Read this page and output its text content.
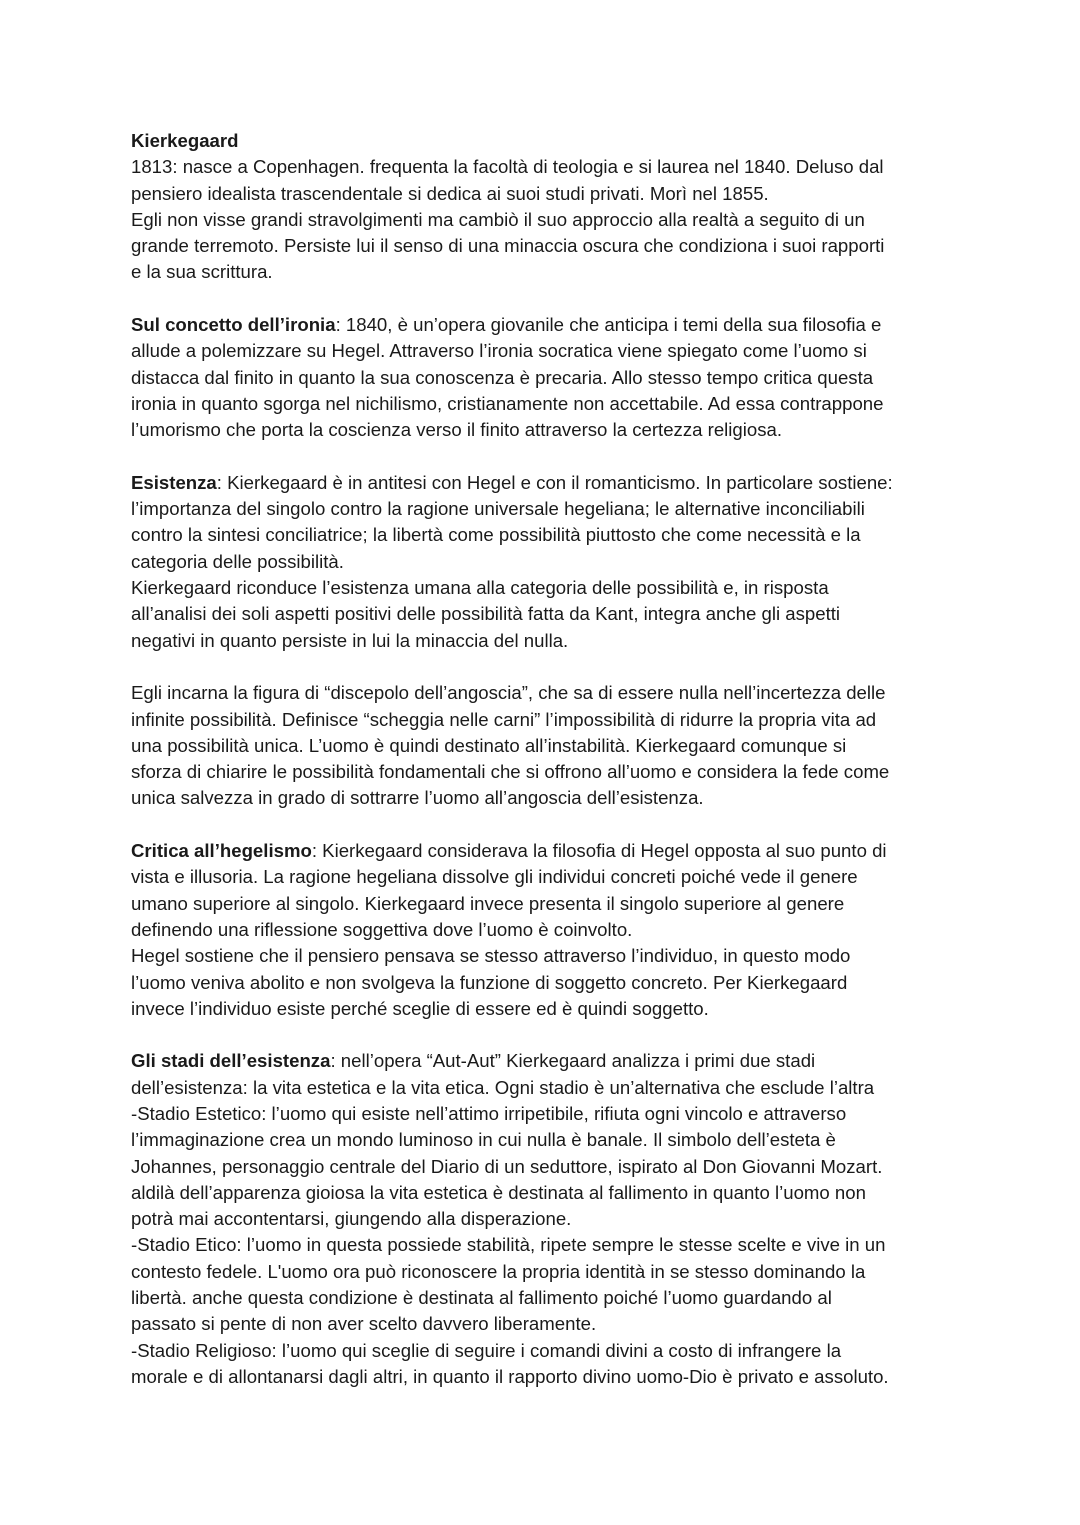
Kierkegaard
1813: nasce a Copenhagen. frequenta la facoltà di teologia e si laurea nel 1840. Deluso dal
pensiero idealista trascendentale si dedica ai suoi studi privati. Morì nel 1855.
Egli non visse grandi stravolgimenti ma cambiò il suo approccio alla realtà a seguito di un
grande terremoto. Persiste lui il senso di una minaccia oscura che condiziona i suoi rapporti
e la sua scrittura.
Sul concetto dell’ironia: 1840, è un’opera giovanile che anticipa i temi della sua filosofia e
allude a polemizzare su Hegel. Attraverso l’ironia socratica viene spiegato come l’uomo si
distacca dal finito in quanto la sua conoscenza è precaria. Allo stesso tempo critica questa
ironia in quanto sgorga nel nichilismo, cristianamente non accettabile. Ad essa contrappone
l’umorismo che porta la coscienza verso il finito attraverso la certezza religiosa.
Esistenza: Kierkegaard è in antitesi con Hegel e con il romanticismo. In particolare sostiene:
l’importanza del singolo contro la ragione universale hegeliana; le alternative inconciliabili
contro la sintesi conciliatrice; la libertà come possibilità piuttosto che come necessità e la
categoria delle possibilità.
Kierkegaard riconduce l’esistenza umana alla categoria delle possibilità e, in risposta
all’analisi dei soli aspetti positivi delle possibilità fatta da Kant, integra anche gli aspetti
negativi in quanto persiste in lui la minaccia del nulla.
Egli incarna la figura di “discepolo dell’angoscia”, che sa di essere nulla nell’incertezza delle
infinite possibilità. Definisce “scheggia nelle carni” l’impossibilità di ridurre la propria vita ad
una possibilità unica. L’uomo è quindi destinato all’instabilità. Kierkegaard comunque si
sforza di chiarire le possibilità fondamentali che si offrono all’uomo e considera la fede come
unica salvezza in grado di sottrarre l’uomo all’angoscia dell’esistenza.
Critica all’hegelismo: Kierkegaard considerava la filosofia di Hegel opposta al suo punto di
vista e illusoria. La ragione hegeliana dissolve gli individui concreti poiché vede il genere
umano superiore al singolo. Kierkegaard invece presenta il singolo superiore al genere
definendo una riflessione soggettiva dove l’uomo è coinvolto.
Hegel sostiene che il pensiero pensava se stesso attraverso l’individuo, in questo modo
l’uomo veniva abolito e non svolgeva la funzione di soggetto concreto. Per Kierkegaard
invece l’individuo esiste perché sceglie di essere ed è quindi soggetto.
Gli stadi dell’esistenza: nell’opera “Aut-Aut” Kierkegaard analizza i primi due stadi
dell’esistenza: la vita estetica e la vita etica. Ogni stadio è un’alternativa che esclude l’altra
-Stadio Estetico: l’uomo qui esiste nell’attimo irripetibile, rifiuta ogni vincolo e attraverso
l’immaginazione crea un mondo luminoso in cui nulla è banale. Il simbolo dell’esteta è
Johannes, personaggio centrale del Diario di un seduttore, ispirato al Don Giovanni Mozart.
aldilà dell’apparenza gioiosa la vita estetica è destinata al fallimento in quanto l’uomo non
potrà mai accontentarsi, giungendo alla disperazione.
-Stadio Etico: l’uomo in questa possiede stabilità, ripete sempre le stesse scelte e vive in un
contesto fedele. L'uomo ora può riconoscere la propria identità in se stesso dominando la
libertà. anche questa condizione è destinata al fallimento poiché l’uomo guardando al
passato si pente di non aver scelto davvero liberamente.
-Stadio Religioso: l’uomo qui sceglie di seguire i comandi divini a costo di infrangere la
morale e di allontanarsi dagli altri, in quanto il rapporto divino uomo-Dio è privato e assoluto.
